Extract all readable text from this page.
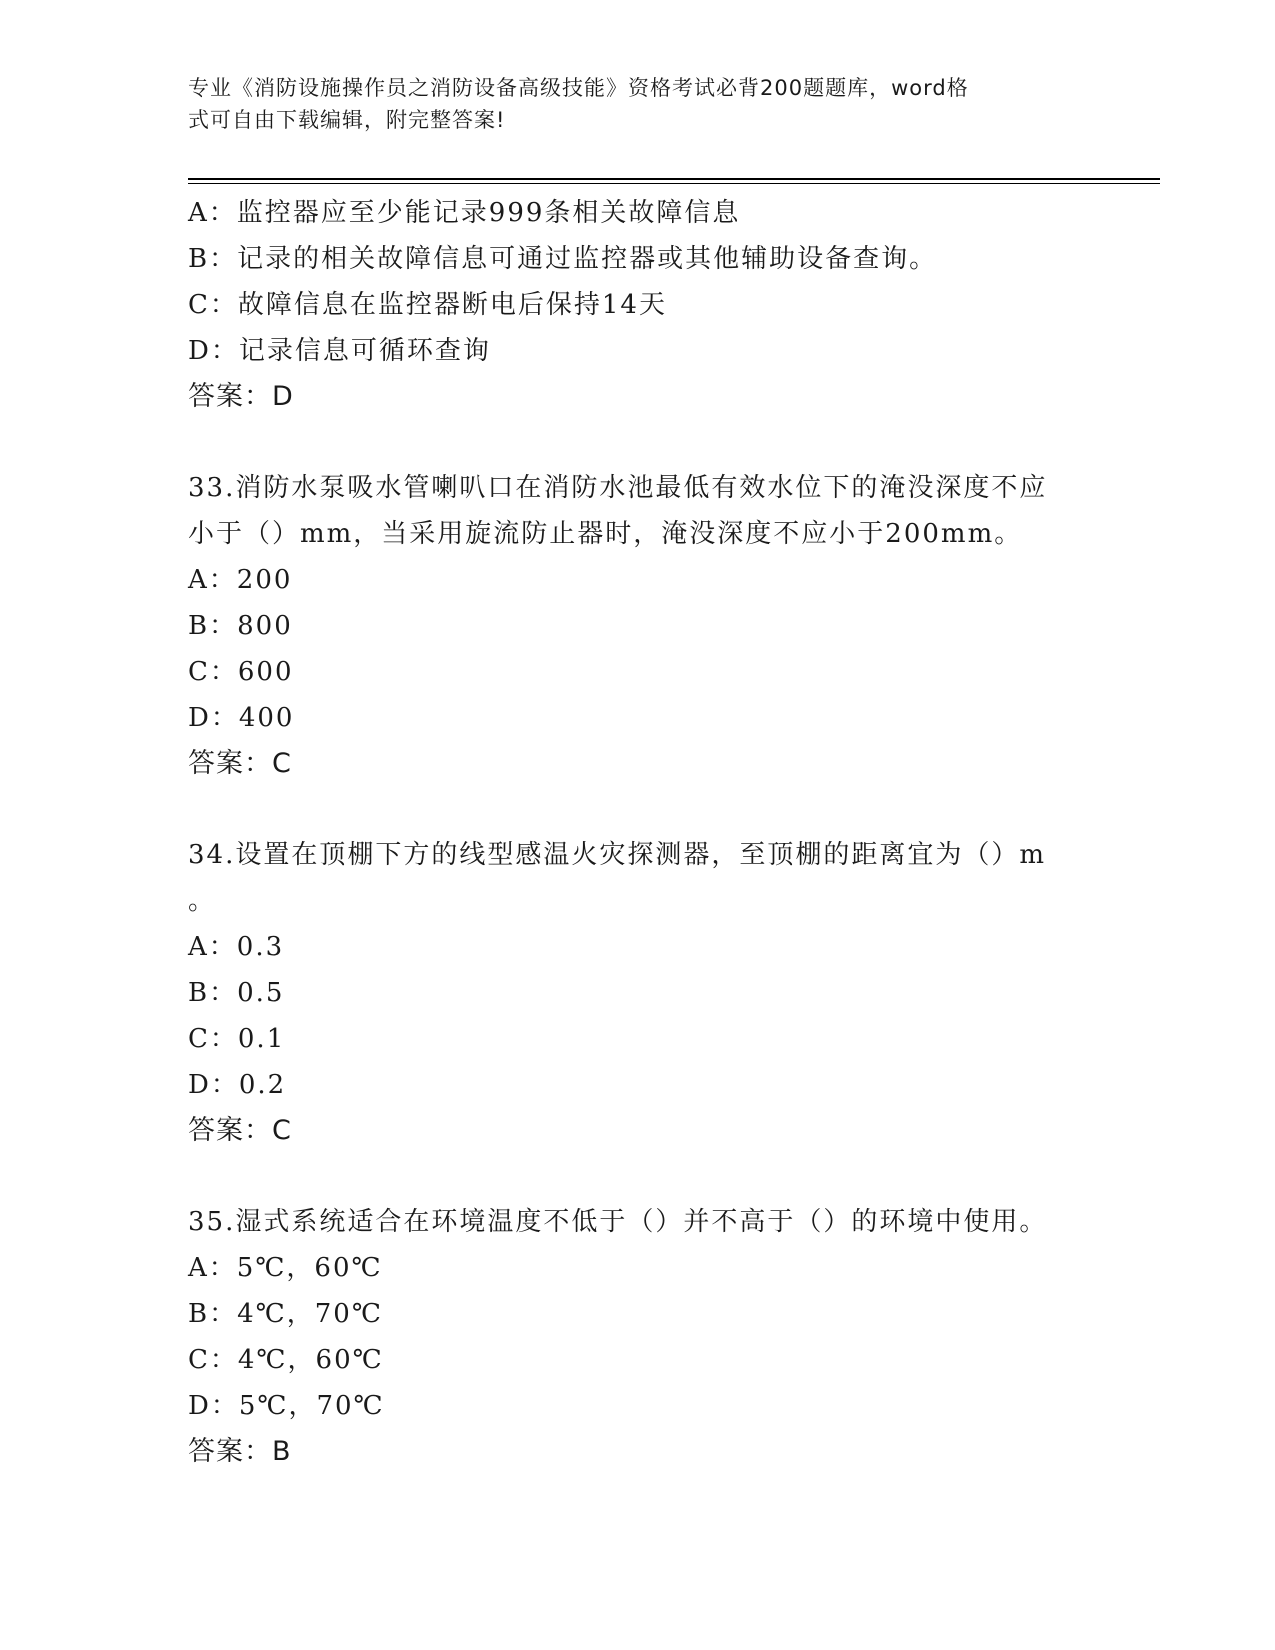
专业《消防设施操作员之消防设备高级技能》资格考试必背200题题库，word格
式可自由下载编辑，附完整答案!
A：监控器应至少能记录999条相关故障信息
B：记录的相关故障信息可通过监控器或其他辅助设备查询。
C：故障信息在监控器断电后保持14天
D：记录信息可循环查询
答案：D
33.消防水泵吸水管喇叭口在消防水池最低有效水位下的淹没深度不应
小于（）mm，当采用旋流防止器时，淹没深度不应小于200mm。
A：200
B：800
C：600
D：400
答案：C
34.设置在顶棚下方的线型感温火灾探测器，至顶棚的距离宜为（）m
。
A：0.3
B：0.5
C：0.1
D：0.2
答案：C
35.湿式系统适合在环境温度不低于（）并不高于（）的环境中使用。
A：5℃，60℃
B：4℃，70℃
C：4℃，60℃
D：5℃，70℃
答案：B
